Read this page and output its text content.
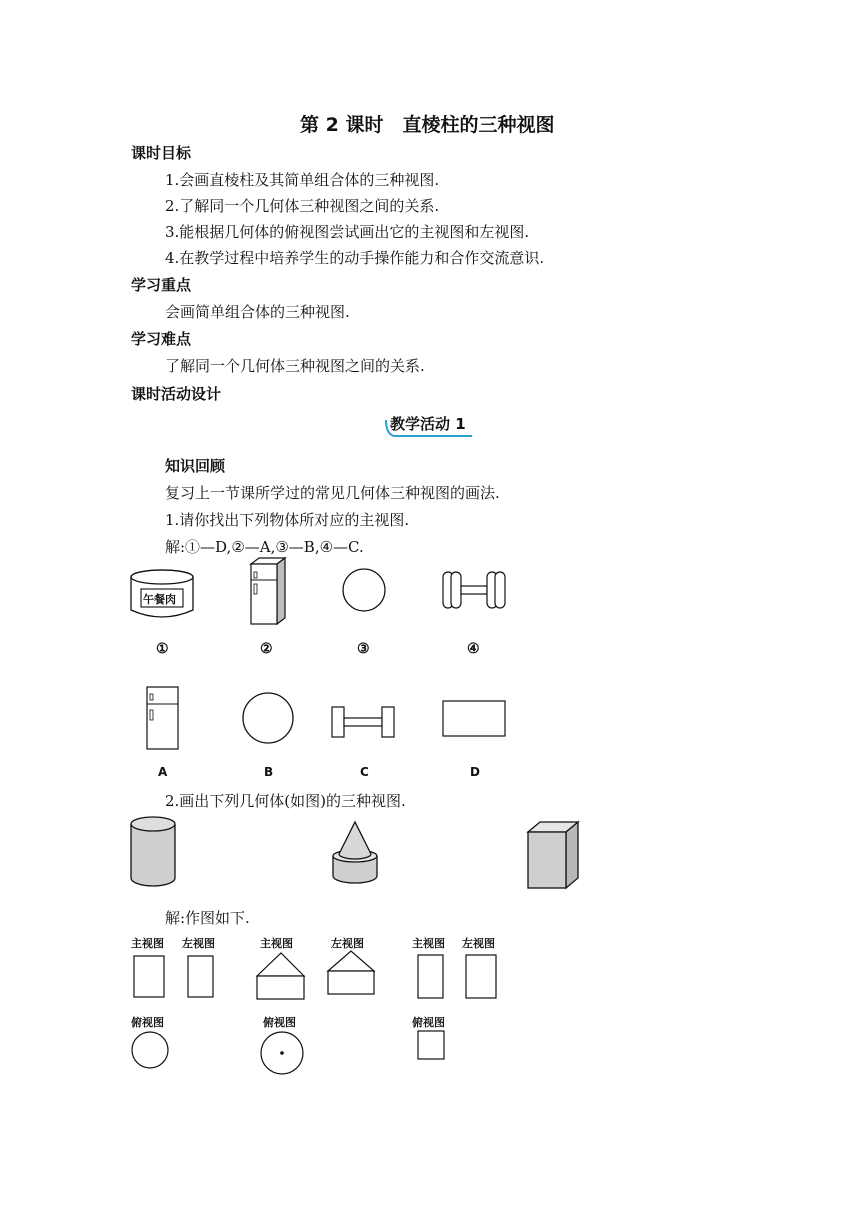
第 2 课时　直棱柱的三种视图
课时目标
1.会画直棱柱及其简单组合体的三种视图.
2.了解同一个几何体三种视图之间的关系.
3.能根据几何体的俯视图尝试画出它的主视图和左视图.
4.在教学过程中培养学生的动手操作能力和合作交流意识.
学习重点
会画简单组合体的三种视图.
学习难点
了解同一个几何体三种视图之间的关系.
课时活动设计
教学活动 1
知识回顾
复习上一节课所学过的常见几何体三种视图的画法.
1.请你找出下列物体所对应的主视图.
解:①—D,②—A,③—B,④—C.
午餐肉
①	②	③	④
A	B	C	D
2.画出下列几何体(如图)的三种视图.
解:作图如下.
主视图 左视图
俯视图
主视图	左视图
俯视图
主视图 左视图
俯视图
